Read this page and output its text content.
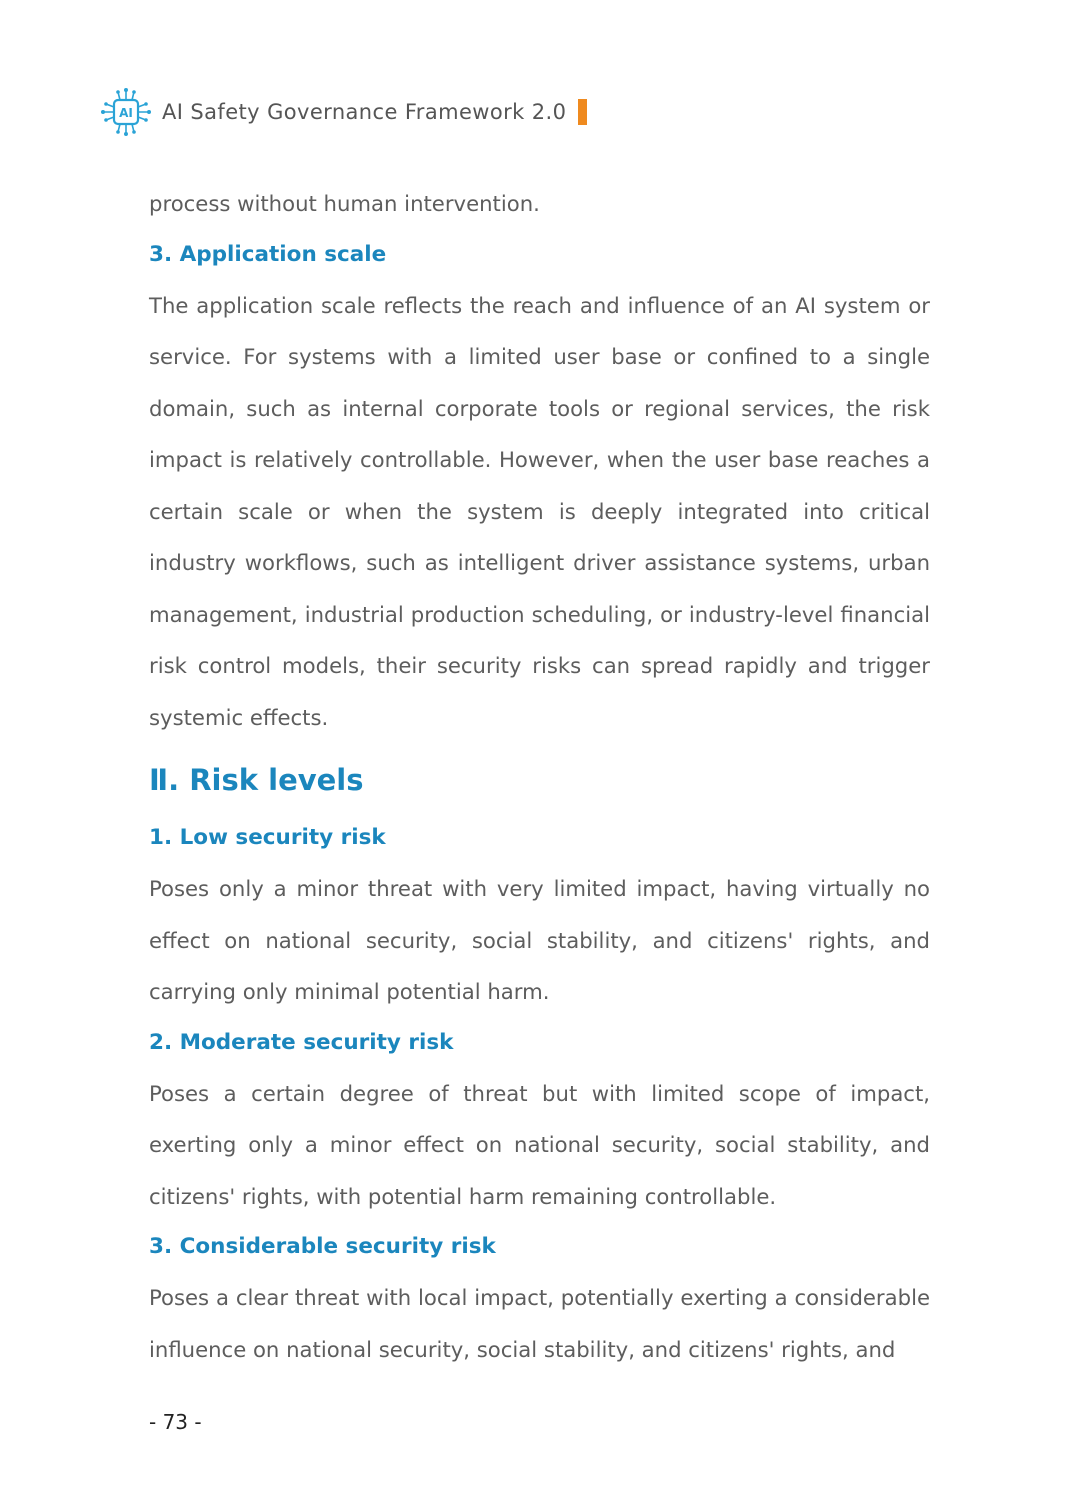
AI AI Safety Governance Framework 2.0

process without human intervention.

3. Application scale

The application scale reflects the reach and influence of an AI system or service. For systems with a limited user base or confined to a single domain, such as internal corporate tools or regional services, the risk impact is relatively controllable. However, when the user base reaches a certain scale or when the system is deeply integrated into critical industry workflows, such as intelligent driver assistance systems, urban management, industrial production scheduling, or industry-level financial risk control models, their security risks can spread rapidly and trigger systemic effects.

Ⅱ. Risk levels
1. Low security risk

Poses only a minor threat with very limited impact, having virtually no effect on national security, social stability, and citizens' rights, and carrying only minimal potential harm.

2. Moderate security risk

Poses a certain degree of threat but with limited scope of impact, exerting only a minor effect on national security, social stability, and citizens' rights, with potential harm remaining controllable.

3. Considerable security risk

Poses a clear threat with local impact, potentially exerting a considerable influence on national security, social stability, and citizens' rights, and

- 73 -
